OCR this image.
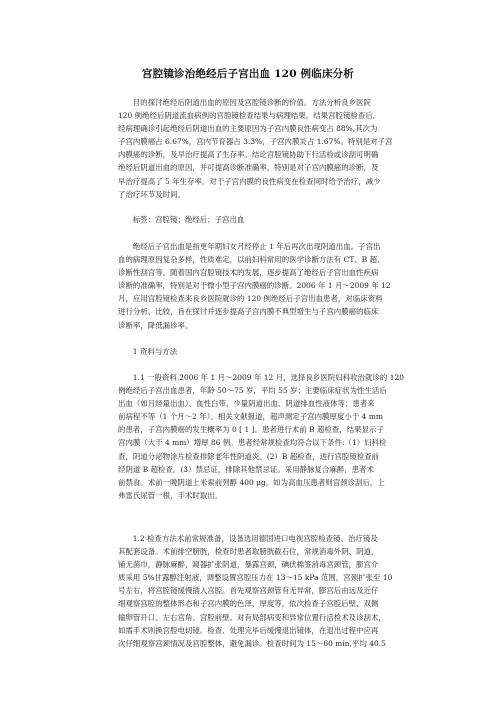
宫腔镜诊治绝经后子宫出血 120 例临床分析
目的探讨绝经后阴道出血的原因及宫腔镜诊断的价值。方法分析良乡医院
120 例绝经后阴道流血病例的宫腔镜检查结果与病理结果。结果宫腔镜检查后,
经病理确诊引起绝经后阴道出血的主要原因为子宫内膜良性病变占 88%,其次为
子宫内膜癌占 6.67%，宫内节育器占 3.3%，子宫内膜炎占 1.67%。特别是对子宫
内膜癌的诊断，及早治疗提高了生存率。结论宫腔镜协助下行活检或诊刮可明确
绝经后阴道出血的原因，并可提高诊断准确率，特别是对子宫内膜癌的诊断，及
早治疗提高了 5 年生存率。对于子宫内膜的良性病变在检查同时给予治疗，减少
了治疗环节及时间。
标签：宫腔镜；绝经后；子宫出血
绝经后子宫出血是指更年期妇女月经停止 1 年后再次出现阴道出血。子宫出
血的病理原因复杂多样，性质难定，以前妇科常用的医学诊断方法有 CT、B 超、
诊断性刮宫等。随着国内宫腔镜技术的发展，逐步提高了绝经后子宫出血性疾病
诊断的准确率，特别是对于微小型子宫内膜癌的诊断。2006 年 1 月～2009 年 12
月，应用宫腔镜检查来良乡医院就诊的 120 例绝经后子宫出血患者，对临床资料
进行分析、比较，旨在探讨并逐步提高子宫内膜不典型增生与子宫内膜癌的临床
诊断率，降低漏诊率。
1 资料与方法
1.1 一般资料 2006 年 1 月～2009 年 12 月，选择良乡医院妇科收治就诊的 120
例绝经后子宫出血患者，年龄 50～75 岁，平均 55 岁；主要临床症状为性生活后
出血（如月经量出血）、血性白带、少量阴道出血、阴道排血性液体等；患者来
前病程不等（1 个月～2 年）。相关文献报道，超声测定子宫内膜厚度小于 4 mm
的患者，子宫内膜癌的发生概率为 0 [ 1 ]。患者进行术前 B 超检查，结果显示子
宫内膜（大于 4 mm）增厚 86 例。患者经常规检查均符合以下条件:（1）妇科检
查，阴道分泌物涂片检查排除老年性阴道炎。(2）B 超检查，进行宫腔镜检查前
经阴道 B 超检查。(3）禁忌证，排除其他禁忌证。采用静脉复合麻醉，患者术
前禁食。术前一晚阴道上米索前列醇 400 μg，如为高血压患者则宫颈诊刮后，上
弗雷氏尿管一根，手术时取出。
1.2 检查方法术前常规准备，设备选用德国进口电视宫腔检查镜、治疗镜及
其配套设备。术前排空膀胱，检查时患者取膀胱截石位，常规消毒外阴、阴道，
铺无菌巾，静脉麻醉，窥器扩张阴道，暴露宫颈，碘伏棉签消毒宫颈管，膨宫介
质采用 5%甘露醇注射液，调整设置宫腔压力在 13～15 kPa 范围，宫颈扩张至 10
号左右，将宫腔镜缓慢插入宫腔。首先观察宫颈管有无异常，膨宫后由远及近仔
细观察宫腔的整体形态和子宫内膜的色泽、厚度等，依次检查子宫腔后壁、双侧
输卵管开口、左右宫角、宫腔前壁。对有局部病变和异常位置行活检术及诊刮术，
如需手术则换宫腔电切镜。检查、处理完毕后缓慢退出镜体，在退出过程中应再
次仔细观察宫颈情况及宫腔整体，避免漏诊。检查时间为 15～60 min,平均 40.5
